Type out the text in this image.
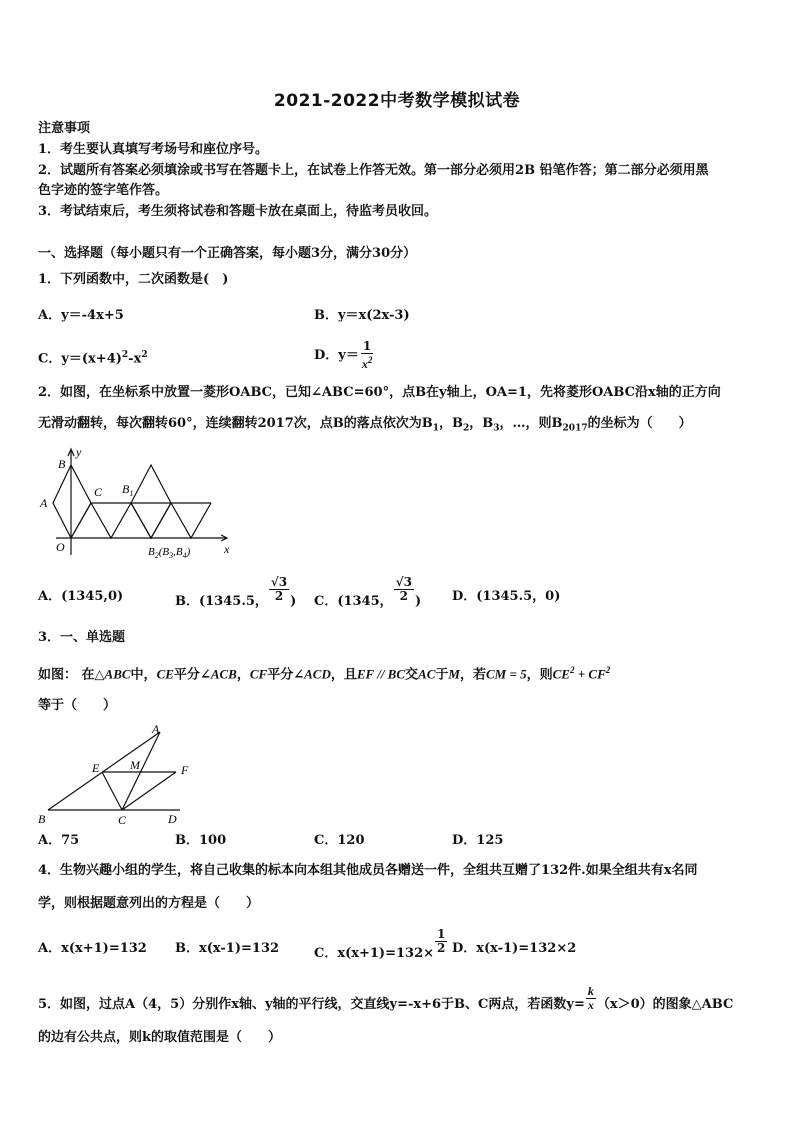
2021-2022中考数学模拟试卷
注意事项
1．考生要认真填写考场号和座位序号。
2．试题所有答案必须填涂或书写在答题卡上，在试卷上作答无效。第一部分必须用2B 铅笔作答；第二部分必须用黑
色字迹的签字笔作答。
3．考试结束后，考生须将试卷和答题卡放在桌面上，待监考员收回。
一、选择题（每小题只有一个正确答案，每小题3分，满分30分）
1．下列函数中，二次函数是(　)
A．y＝-4x+5	B．y＝x(2x-3)
C．$y=(x+4)^2-x^2$	D．$y= \frac{1}{x^2}$
2．如图，在坐标系中放置一菱形OABC，已知∠ABC=60°，点B在y轴上，OA=1，先将菱形OABC沿x轴的正方向
无滑动翻转，每次翻转60°，连续翻转2017次，点B的落点依次为$B_1$，$B_2$，$B_3$，…，则$B_{2017}$的坐标为（　　）
B
y
A
C $B_1$
O	$B_2(B_3,B_4)$	x
A．(1345,0)	B．(1345.5， $\frac{√3}{2}$ ) C．(1345， $\frac{√3}{2}$ ) D．(1345.5，0)
3．一、单选题
如图： 在△ABC中，CE平分∠ACB，CF平分∠ACD，且EF // BC交AC于M，若CM = 5，则$CE^2 + CF^2$
等于（　　）
A
E	M	F
B	C	D
A．75	B．100	C．120	D．125
4．生物兴趣小组的学生，将自己收集的标本向本组其他成员各赠送一件，全组共互赠了132件.如果全组共有x名同
学，则根据题意列出的方程是（　　）
A．x(x+1)=132 B．x(x-1)=132	C．$x(x+1)=132\times \frac{1}{2}$ D．x(x-1)=132×2
5．如图，过点A（4，5）分别作x轴、y轴的平行线，交直线y=-x+6于B、C两点，若函数$y= \frac{k}{x} (x>0)$的图象△ABC
的边有公共点，则k的取值范围是（　　）
